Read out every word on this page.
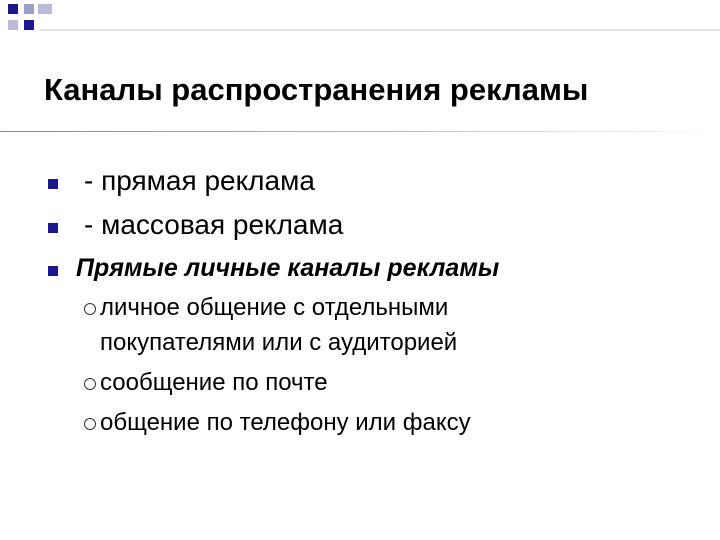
Каналы распространения рекламы
- прямая реклама
- массовая реклама
Прямые личные каналы рекламы
личное общение с отдельными
покупателями или с аудиторией
сообщение по почте
общение по телефону или факсу
